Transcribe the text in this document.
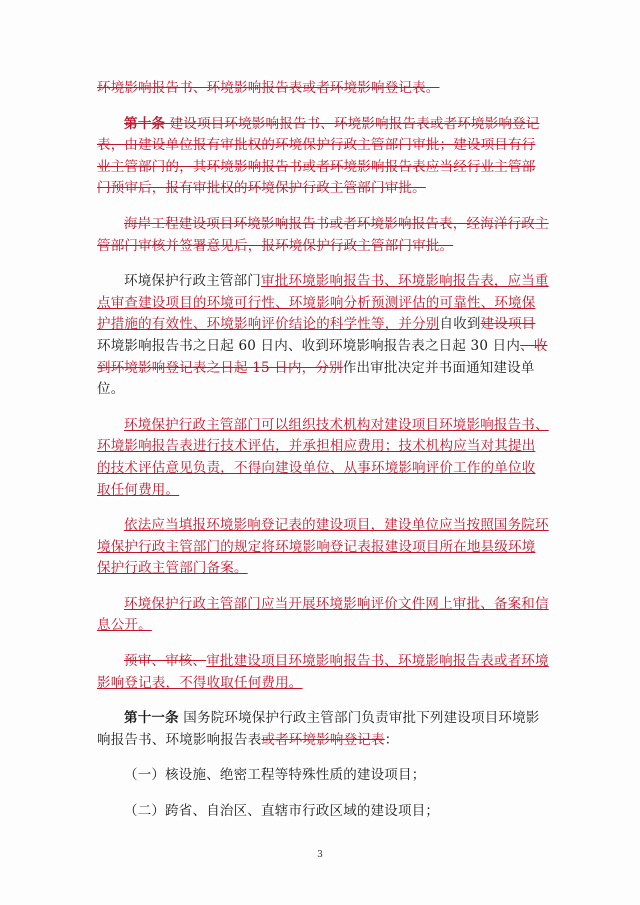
环境影响报告书、环境影响报告表或者环境影响登记表。

第十条 建设项目环境影响报告书、环境影响报告表或者环境影响登记表，由建设单位报有审批权的环境保护行政主管部门审批；建设项目有行业主管部门的，其环境影响报告书或者环境影响报告表应当经行业主管部门预审后，报有审批权的环境保护行政主管部门审批。

海岸工程建设项目环境影响报告书或者环境影响报告表，经海洋行政主管部门审核并签署意见后，报环境保护行政主管部门审批。

环境保护行政主管部门审批环境影响报告书、环境影响报告表，应当重点审查建设项目的环境可行性、环境影响分析预测评估的可靠性、环境保护措施的有效性、环境影响评价结论的科学性等，并分别自收到建设项目环境影响报告书之日起 60 日内、收到环境影响报告表之日起 30 日内、收到环境影响登记表之日起 15 日内，分别作出审批决定并书面通知建设单位。

环境保护行政主管部门可以组织技术机构对建设项目环境影响报告书、环境影响报告表进行技术评估，并承担相应费用；技术机构应当对其提出的技术评估意见负责，不得向建设单位、从事环境影响评价工作的单位收取任何费用。

依法应当填报环境影响登记表的建设项目，建设单位应当按照国务院环境保护行政主管部门的规定将环境影响登记表报建设项目所在地县级环境保护行政主管部门备案。

环境保护行政主管部门应当开展环境影响评价文件网上审批、备案和信息公开。

预审、审核、审批建设项目环境影响报告书、环境影响报告表或者环境影响登记表，不得收取任何费用。

第十一条 国务院环境保护行政主管部门负责审批下列建设项目环境影响报告书、环境影响报告表或者环境影响登记表：

（一）核设施、绝密工程等特殊性质的建设项目；

（二）跨省、自治区、直辖市行政区域的建设项目；

3
